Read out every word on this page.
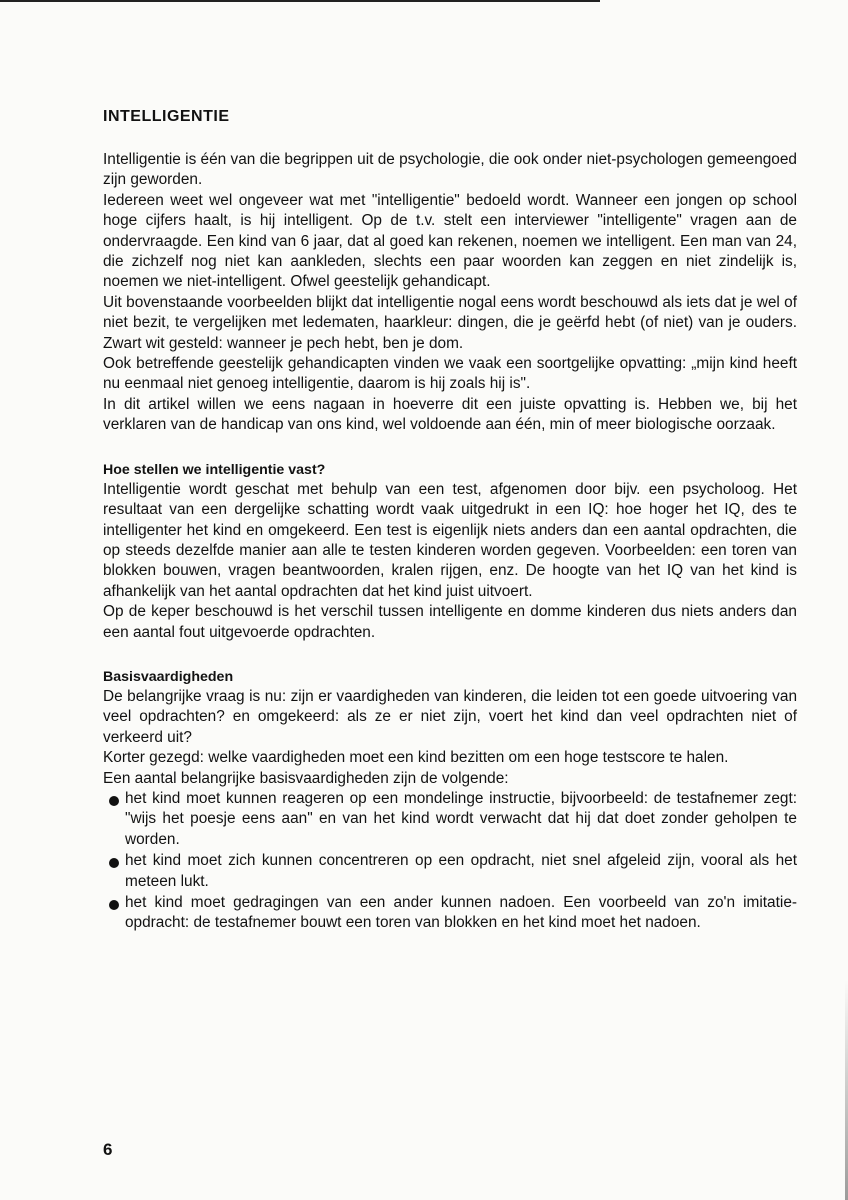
INTELLIGENTIE

Intelligentie is één van die begrippen uit de psychologie, die ook onder niet-psychologen gemeengoed zijn geworden.

Iedereen weet wel ongeveer wat met "intelligentie" bedoeld wordt. Wanneer een jongen op school hoge cijfers haalt, is hij intelligent. Op de t.v. stelt een interviewer "intelligente" vragen aan de ondervraagde. Een kind van 6 jaar, dat al goed kan rekenen, noemen we intelligent. Een man van 24, die zichzelf nog niet kan aankleden, slechts een paar woorden kan zeggen en niet zindelijk is, noemen we niet-intelligent. Ofwel geestelijk gehandicapt.

Uit bovenstaande voorbeelden blijkt dat intelligentie nogal eens wordt beschouwd als iets dat je wel of niet bezit, te vergelijken met ledematen, haarkleur: dingen, die je geërfd hebt (of niet) van je ouders. Zwart wit gesteld: wanneer je pech hebt, ben je dom.

Ook betreffende geestelijk gehandicapten vinden we vaak een soortgelijke opvatting: „mijn kind heeft nu eenmaal niet genoeg intelligentie, daarom is hij zoals hij is".

In dit artikel willen we eens nagaan in hoeverre dit een juiste opvatting is. Hebben we, bij het verklaren van de handicap van ons kind, wel voldoende aan één, min of meer biologische oorzaak.

Hoe stellen we intelligentie vast?

Intelligentie wordt geschat met behulp van een test, afgenomen door bijv. een psycholoog. Het resultaat van een dergelijke schatting wordt vaak uitgedrukt in een IQ: hoe hoger het IQ, des te intelligenter het kind en omgekeerd. Een test is eigenlijk niets anders dan een aantal opdrachten, die op steeds dezelfde manier aan alle te testen kinderen worden gegeven. Voorbeelden: een toren van blokken bouwen, vragen beantwoorden, kralen rijgen, enz. De hoogte van het IQ van het kind is afhankelijk van het aantal opdrachten dat het kind juist uitvoert.

Op de keper beschouwd is het verschil tussen intelligente en domme kinderen dus niets anders dan een aantal fout uitgevoerde opdrachten.

Basisvaardigheden

De belangrijke vraag is nu: zijn er vaardigheden van kinderen, die leiden tot een goede uitvoering van veel opdrachten? en omgekeerd: als ze er niet zijn, voert het kind dan veel opdrachten niet of verkeerd uit?

Korter gezegd: welke vaardigheden moet een kind bezitten om een hoge testscore te halen.

Een aantal belangrijke basisvaardigheden zijn de volgende:

het kind moet kunnen reageren op een mondelinge instructie, bijvoorbeeld: de testafnemer zegt: "wijs het poesje eens aan" en van het kind wordt verwacht dat hij dat doet zonder geholpen te worden.
het kind moet zich kunnen concentreren op een opdracht, niet snel afgeleid zijn, vooral als het meteen lukt.
het kind moet gedragingen van een ander kunnen nadoen. Een voorbeeld van zo'n imitatie-opdracht: de testafnemer bouwt een toren van blokken en het kind moet het nadoen.
6
